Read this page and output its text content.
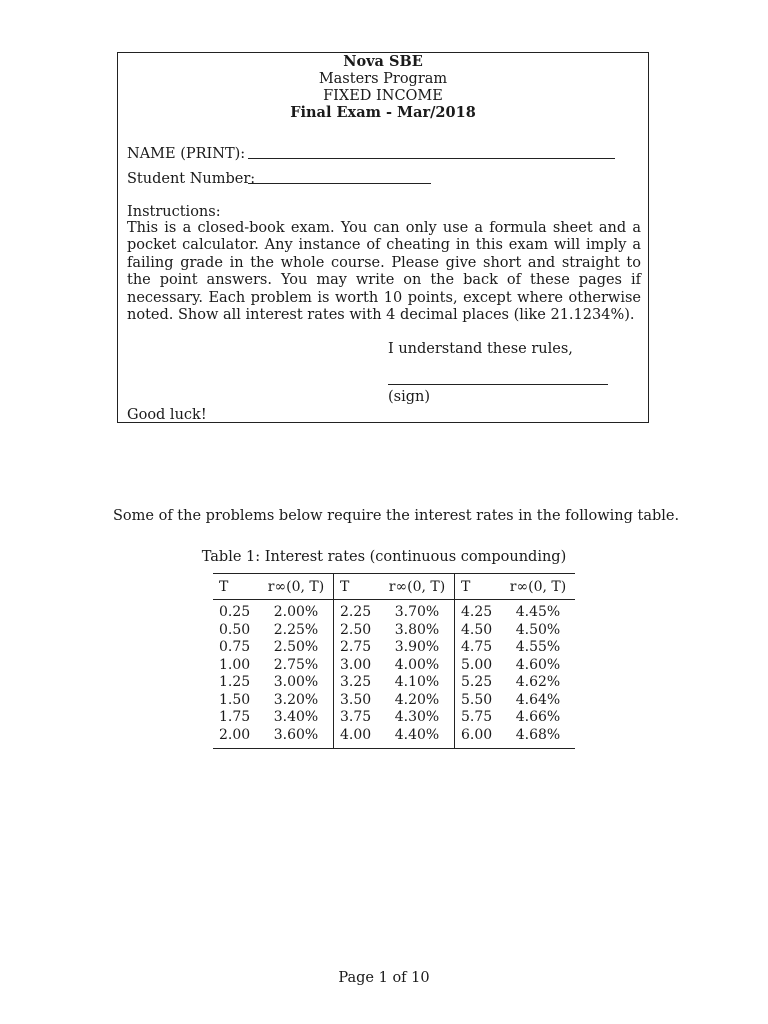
Nova SBE
Masters Program
FIXED INCOME
Final Exam - Mar/2018
NAME (PRINT):
Student Number:
Instructions:
This is a closed-book exam. You can only use a formula sheet and a pocket calculator. Any instance of cheating in this exam will imply a failing grade in the whole course. Please give short and straight to the point answers. You may write on the back of these pages if necessary. Each problem is worth 10 points, except where otherwise noted. Show all interest rates with 4 decimal places (like 21.1234%).
I understand these rules,
(sign)
Good luck!
Some of the problems below require the interest rates in the following table.
Table 1: Interest rates (continuous compounding)
T	r∞(0, T)	T	r∞(0, T)	T	r∞(0, T)
0.25	2.00%	2.25	3.70%	4.25	4.45%
0.50	2.25%	2.50	3.80%	4.50	4.50%
0.75	2.50%	2.75	3.90%	4.75	4.55%
1.00	2.75%	3.00	4.00%	5.00	4.60%
1.25	3.00%	3.25	4.10%	5.25	4.62%
1.50	3.20%	3.50	4.20%	5.50	4.64%
1.75	3.40%	3.75	4.30%	5.75	4.66%
2.00	3.60%	4.00	4.40%	6.00	4.68%
Page 1 of 10
